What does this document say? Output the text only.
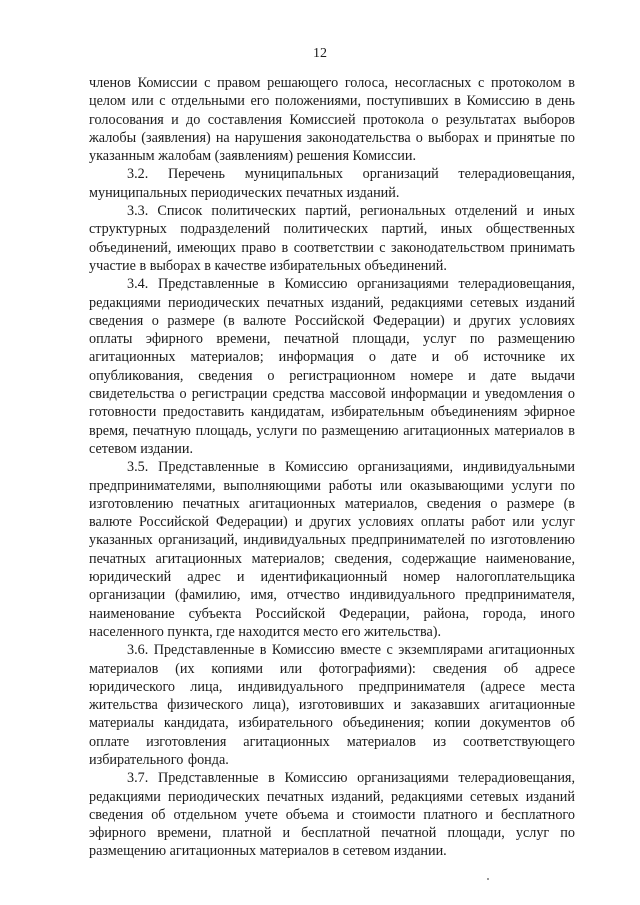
12

членов Комиссии с правом решающего голоса, несогласных с протоколом в целом или с отдельными его положениями, поступивших в Комиссию в день голосования и до составления Комиссией протокола о результатах выборов жалобы (заявления) на нарушения законодательства о выборах и принятые по указанным жалобам (заявлениям) решения Комиссии.

3.2. Перечень муниципальных организаций телерадиовещания, муниципальных периодических печатных изданий.

3.3. Список политических партий, региональных отделений и иных структурных подразделений политических партий, иных общественных объединений, имеющих право в соответствии с законодательством принимать участие в выборах в качестве избирательных объединений.

3.4. Представленные в Комиссию организациями телерадиовещания, редакциями периодических печатных изданий, редакциями сетевых изданий сведения о размере (в валюте Российской Федерации) и других условиях оплаты эфирного времени, печатной площади, услуг по размещению агитационных материалов; информация о дате и об источнике их опубликования, сведения о регистрационном номере и дате выдачи свидетельства о регистрации средства массовой информации и уведомления о готовности предоставить кандидатам, избирательным объединениям эфирное время, печатную площадь, услуги по размещению агитационных материалов в сетевом издании.

3.5. Представленные в Комиссию организациями, индивидуальными предпринимателями, выполняющими работы или оказывающими услуги по изготовлению печатных агитационных материалов, сведения о размере (в валюте Российской Федерации) и других условиях оплаты работ или услуг указанных организаций, индивидуальных предпринимателей по изготовлению печатных агитационных материалов; сведения, содержащие наименование, юридический адрес и идентификационный номер налогоплательщика организации (фамилию, имя, отчество индивидуального предпринимателя, наименование субъекта Российской Федерации, района, города, иного населенного пункта, где находится место его жительства).

3.6. Представленные в Комиссию вместе с экземплярами агитационных материалов (их копиями или фотографиями): сведения об адресе юридического лица, индивидуального предпринимателя (адресе места жительства физического лица), изготовивших и заказавших агитационные материалы кандидата, избирательного объединения; копии документов об оплате изготовления агитационных материалов из соответствующего избирательного фонда.

3.7. Представленные в Комиссию организациями телерадиовещания, редакциями периодических печатных изданий, редакциями сетевых изданий сведения об отдельном учете объема и стоимости платного и бесплатного эфирного времени, платной и бесплатной печатной площади, услуг по размещению агитационных материалов в сетевом издании.
